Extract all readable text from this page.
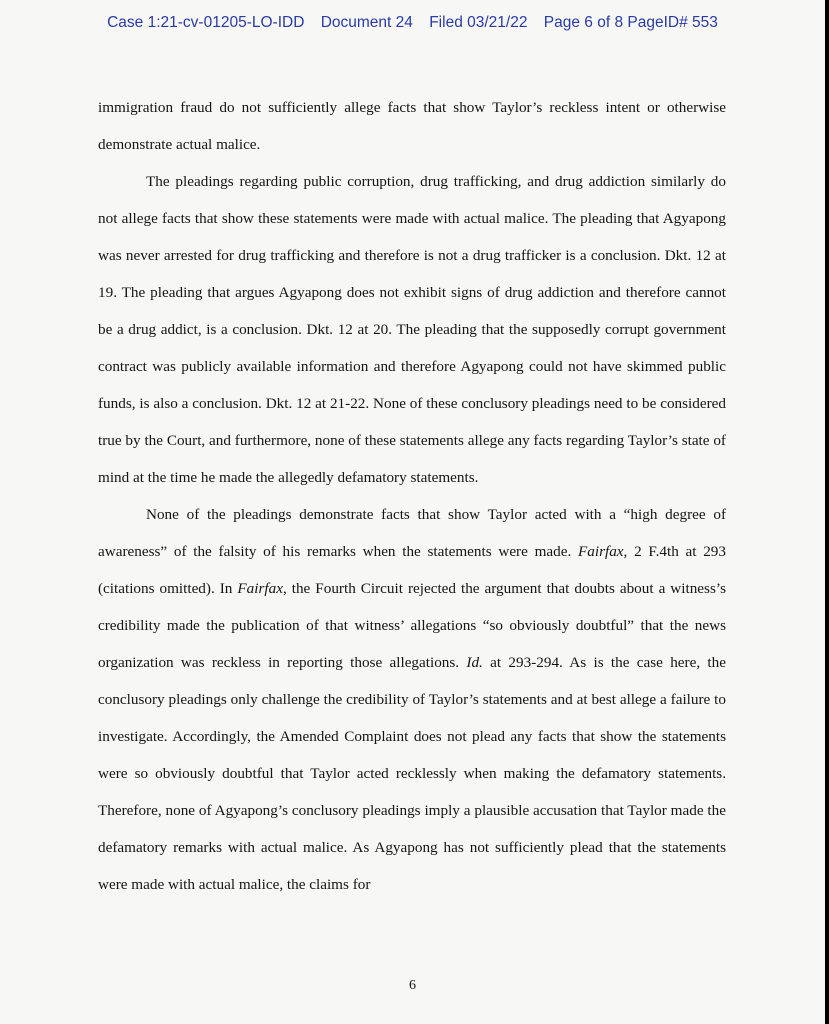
Case 1:21-cv-01205-LO-IDD Document 24 Filed 03/21/22 Page 6 of 8 PageID# 553

immigration fraud do not sufficiently allege facts that show Taylor’s reckless intent or otherwise demonstrate actual malice.

The pleadings regarding public corruption, drug trafficking, and drug addiction similarly do not allege facts that show these statements were made with actual malice. The pleading that Agyapong was never arrested for drug trafficking and therefore is not a drug trafficker is a conclusion. Dkt. 12 at 19. The pleading that argues Agyapong does not exhibit signs of drug addiction and therefore cannot be a drug addict, is a conclusion. Dkt. 12 at 20. The pleading that the supposedly corrupt government contract was publicly available information and therefore Agyapong could not have skimmed public funds, is also a conclusion. Dkt. 12 at 21-22. None of these conclusory pleadings need to be considered true by the Court, and furthermore, none of these statements allege any facts regarding Taylor’s state of mind at the time he made the allegedly defamatory statements.

None of the pleadings demonstrate facts that show Taylor acted with a “high degree of awareness” of the falsity of his remarks when the statements were made. Fairfax, 2 F.4th at 293 (citations omitted). In Fairfax, the Fourth Circuit rejected the argument that doubts about a witness’s credibility made the publication of that witness’ allegations “so obviously doubtful” that the news organization was reckless in reporting those allegations. Id. at 293-294. As is the case here, the conclusory pleadings only challenge the credibility of Taylor’s statements and at best allege a failure to investigate. Accordingly, the Amended Complaint does not plead any facts that show the statements were so obviously doubtful that Taylor acted recklessly when making the defamatory statements. Therefore, none of Agyapong’s conclusory pleadings imply a plausible accusation that Taylor made the defamatory remarks with actual malice. As Agyapong has not sufficiently plead that the statements were made with actual malice, the claims for

6
